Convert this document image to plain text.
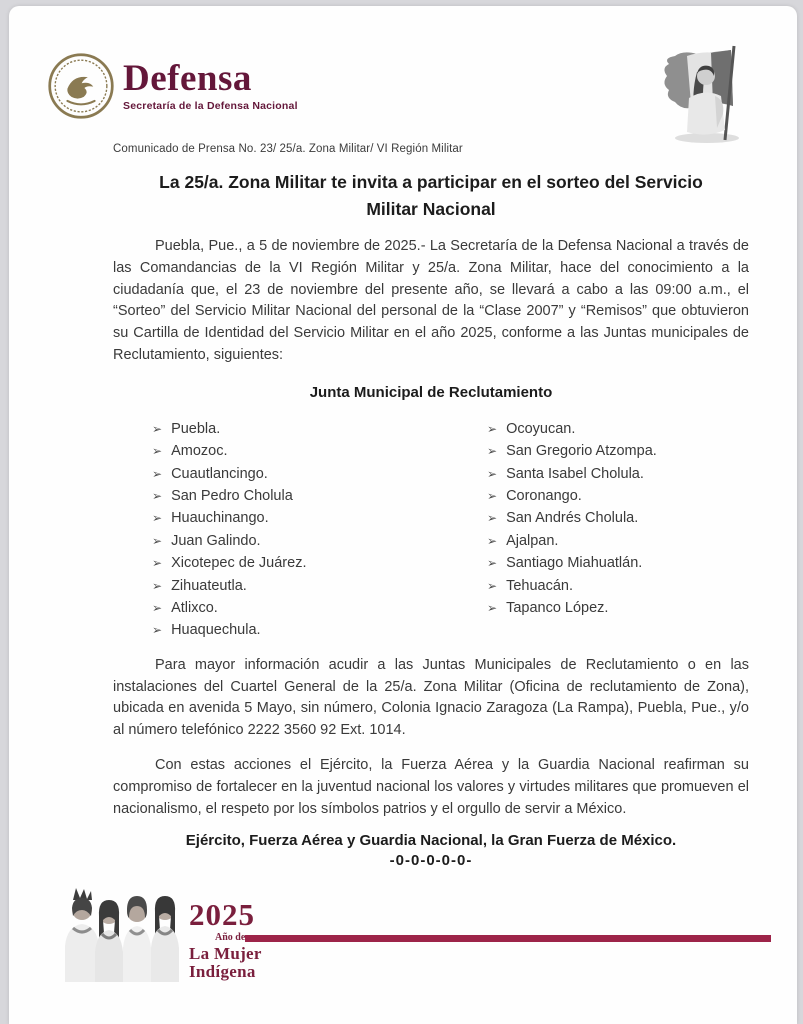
Defensa
Secretaría de la Defensa Nacional
Comunicado de Prensa No. 23/ 25/a. Zona Militar/ VI Región Militar
La 25/a. Zona Militar te invita a participar en el sorteo del Servicio Militar Nacional

Puebla, Pue., a 5 de noviembre de 2025.- La Secretaría de la Defensa Nacional a través de las Comandancias de la VI Región Militar y 25/a. Zona Militar, hace del conocimiento a la ciudadanía que, el 23 de noviembre del presente año, se llevará a cabo a las 09:00 a.m., el “Sorteo” del Servicio Militar Nacional del personal de la “Clase 2007” y “Remisos” que obtuvieron su Cartilla de Identidad del Servicio Militar en el año 2025, conforme a las Juntas municipales de Reclutamiento, siguientes:

Junta Municipal de Reclutamiento
➢ Puebla.
➢ Amozoc.
➢ Cuautlancingo.
➢ San Pedro Cholula
➢ Huauchinango.
➢ Juan Galindo.
➢ Xicotepec de Juárez.
➢ Zihuateutla.
➢ Atlixco.
➢ Huaquechula.
➢ Ocoyucan.
➢ San Gregorio Atzompa.
➢ Santa Isabel Cholula.
➢ Coronango.
➢ San Andrés Cholula.
➢ Ajalpan.
➢ Santiago Miahuatlán.
➢ Tehuacán.
➢ Tapanco López.

Para mayor información acudir a las Juntas Municipales de Reclutamiento o en las instalaciones del Cuartel General de la 25/a. Zona Militar (Oficina de reclutamiento de Zona), ubicada en avenida 5 Mayo, sin número, Colonia Ignacio Zaragoza (La Rampa), Puebla, Pue., y/o al número telefónico 2222 3560 92 Ext. 1014.

Con estas acciones el Ejército, la Fuerza Aérea y la Guardia Nacional reafirman su compromiso de fortalecer en la juventud nacional los valores y virtudes militares que promueven el nacionalismo, el respeto por los símbolos patrios y el orgullo de servir a México.

Ejército, Fuerza Aérea y Guardia Nacional, la Gran Fuerza de México.
-0-0-0-0-0-
2025
Año de
La Mujer
Indígena
